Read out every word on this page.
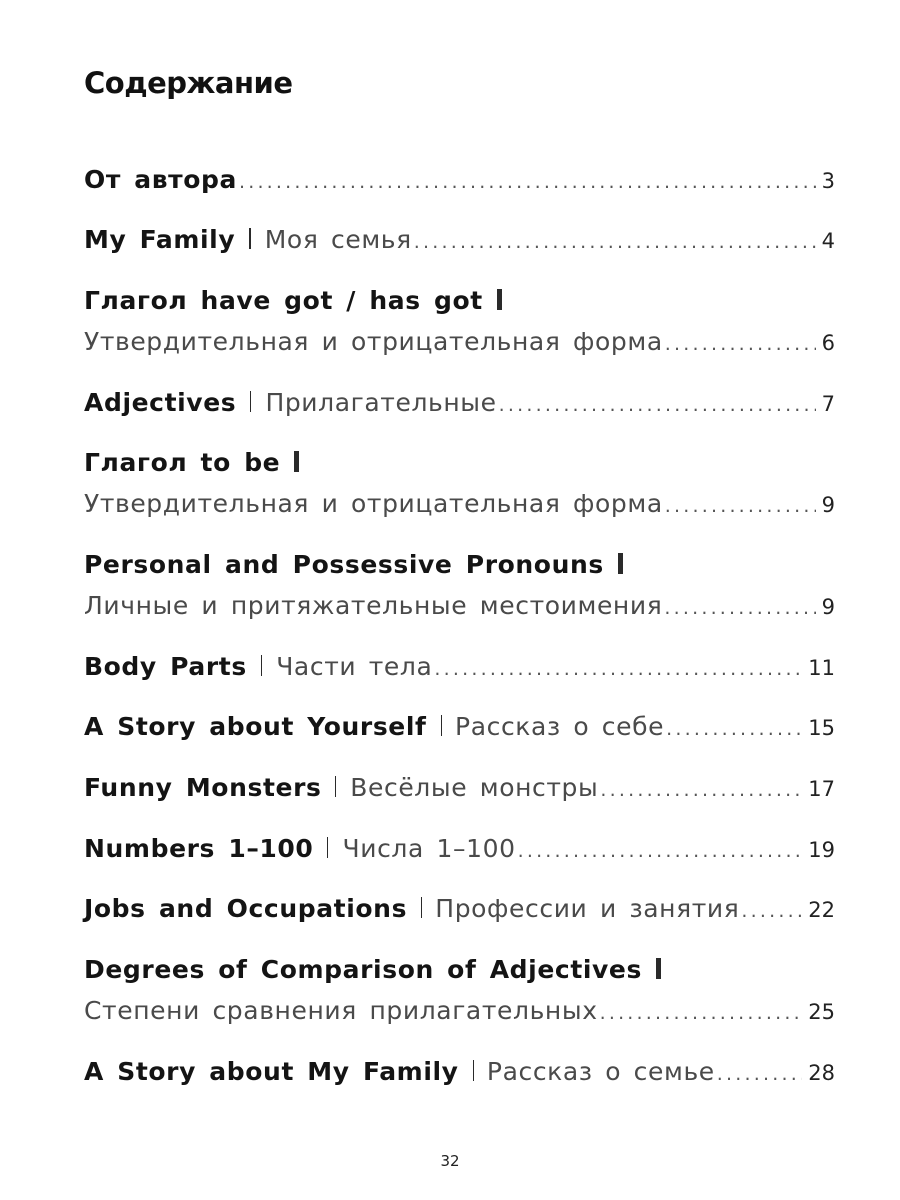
Содержание
От автора .....	3
My Family Моя семья .....	4
Глагол have got / has got
Утвердительная и отрицательная форма .....	6
Adjectives Прилагательные .....	7
Глагол to be
Утвердительная и отрицательная форма .....	9
Personal and Possessive Pronouns
Личные и притяжательные местоимения .....	9
Body Parts Части тела .....	11
A Story about Yourself Рассказ о себе .....	15
Funny Monsters Весёлые монстры .....	17
Numbers 1–100 Числа 1–100 .....	19
Jobs and Occupations Профессии и занятия .....	22
Degrees of Comparison of Adjectives
Степени сравнения прилагательных .....	25
A Story about My Family Рассказ о семье .....	28
32
